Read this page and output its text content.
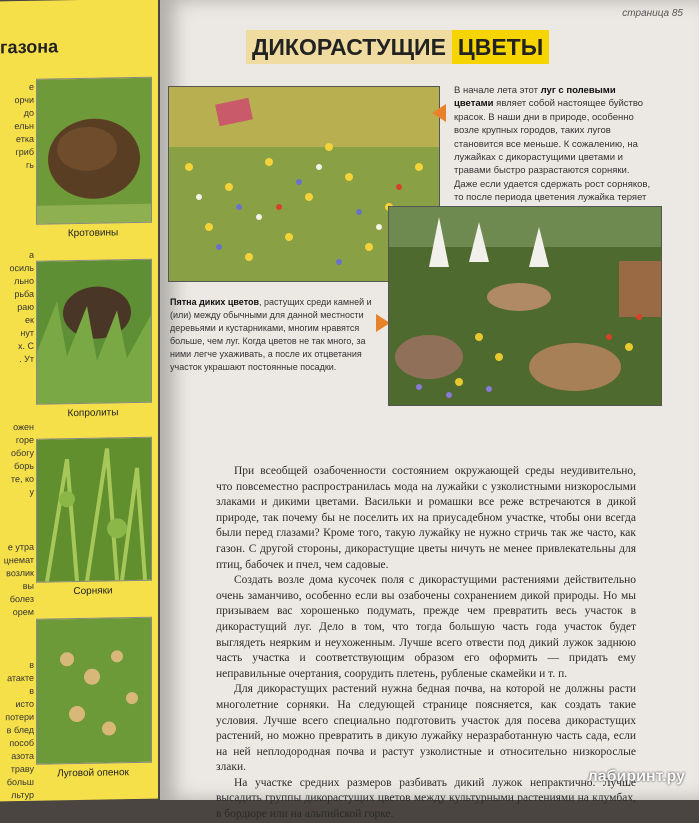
газона
е
орчи
до
ельн
етка
гриб
гь
Кротовины
а
осиль
льно
рьба
раю
ек
нут
х. С
. Ут
Копролиты
ожен
горе
обогу
борь
те, ко
у
Сорняки
е утра
цнемат
возлик
вы
болез
орем
в
атакте
в
исто
потери
в блед
пособ
азота
траву
больш
льтур
Луговой опенок
страница 85
ДИКОРАСТУЩИЕ ЦВЕТЫ
В начале лета этот луг с полевыми цветами являет собой настоящее буйство красок. В наши дни в природе, особенно возле крупных городов, таких лугов становится все меньше. К сожалению, на лужайках с дикорастущими цветами и травами быстро разрастаются сорняки. Даже если удается сдержать рост сорняков, то после периода цветения лужайка теряет
Пятна диких цветов, растущих среди камней и (или) между обычными для данной местности деревьями и кустарниками, многим нравятся больше, чем луг. Когда цветов не так много, за ними легче ухаживать, а после их отцветания участок украшают постоянные посадки.

При всеобщей озабоченности состоянием окружающей среды неудивительно, что повсеместно распространилась мода на лужайки с узколистными низкорослыми злаками и дикими цветами. Васильки и ромашки все реже встречаются в дикой природе, так почему бы не поселить их на приусадебном участке, чтобы они всегда были перед глазами? Кроме того, такую лужайку не нужно стричь так же часто, как газон. С другой стороны, дикорастущие цветы ничуть не менее привлекательны для птиц, бабочек и пчел, чем садовые.

Создать возле дома кусочек поля с дикорастущими растениями действительно очень заманчиво, особенно если вы озабочены сохранением дикой природы. Но мы призываем вас хорошенько подумать, прежде чем превратить весь участок в дикорастущий луг. Дело в том, что тогда большую часть года участок будет выглядеть неярким и неухоженным. Лучше всего отвести под дикий лужок заднюю часть участка и соответствующим образом его оформить — придать ему неправильные очертания, соорудить плетень, рубленые скамейки и т. п.

Для дикорастущих растений нужна бедная почва, на которой не должны расти многолетние сорняки. На следующей странице поясняется, как создать такие условия. Лучше всего специально подготовить участок для посева дикорастущих растений, но можно превратить в дикую лужайку неразработанную часть сада, если на ней неплодородная почва и растут узколистные и относительно низкорослые злаки.

На участке средних размеров разбивать дикий лужок непрактично. Лучше высадить группы дикорастущих цветов между культурными растениями на клумбах, в бордюре или на альпийской горке.

лабиринт.ру
